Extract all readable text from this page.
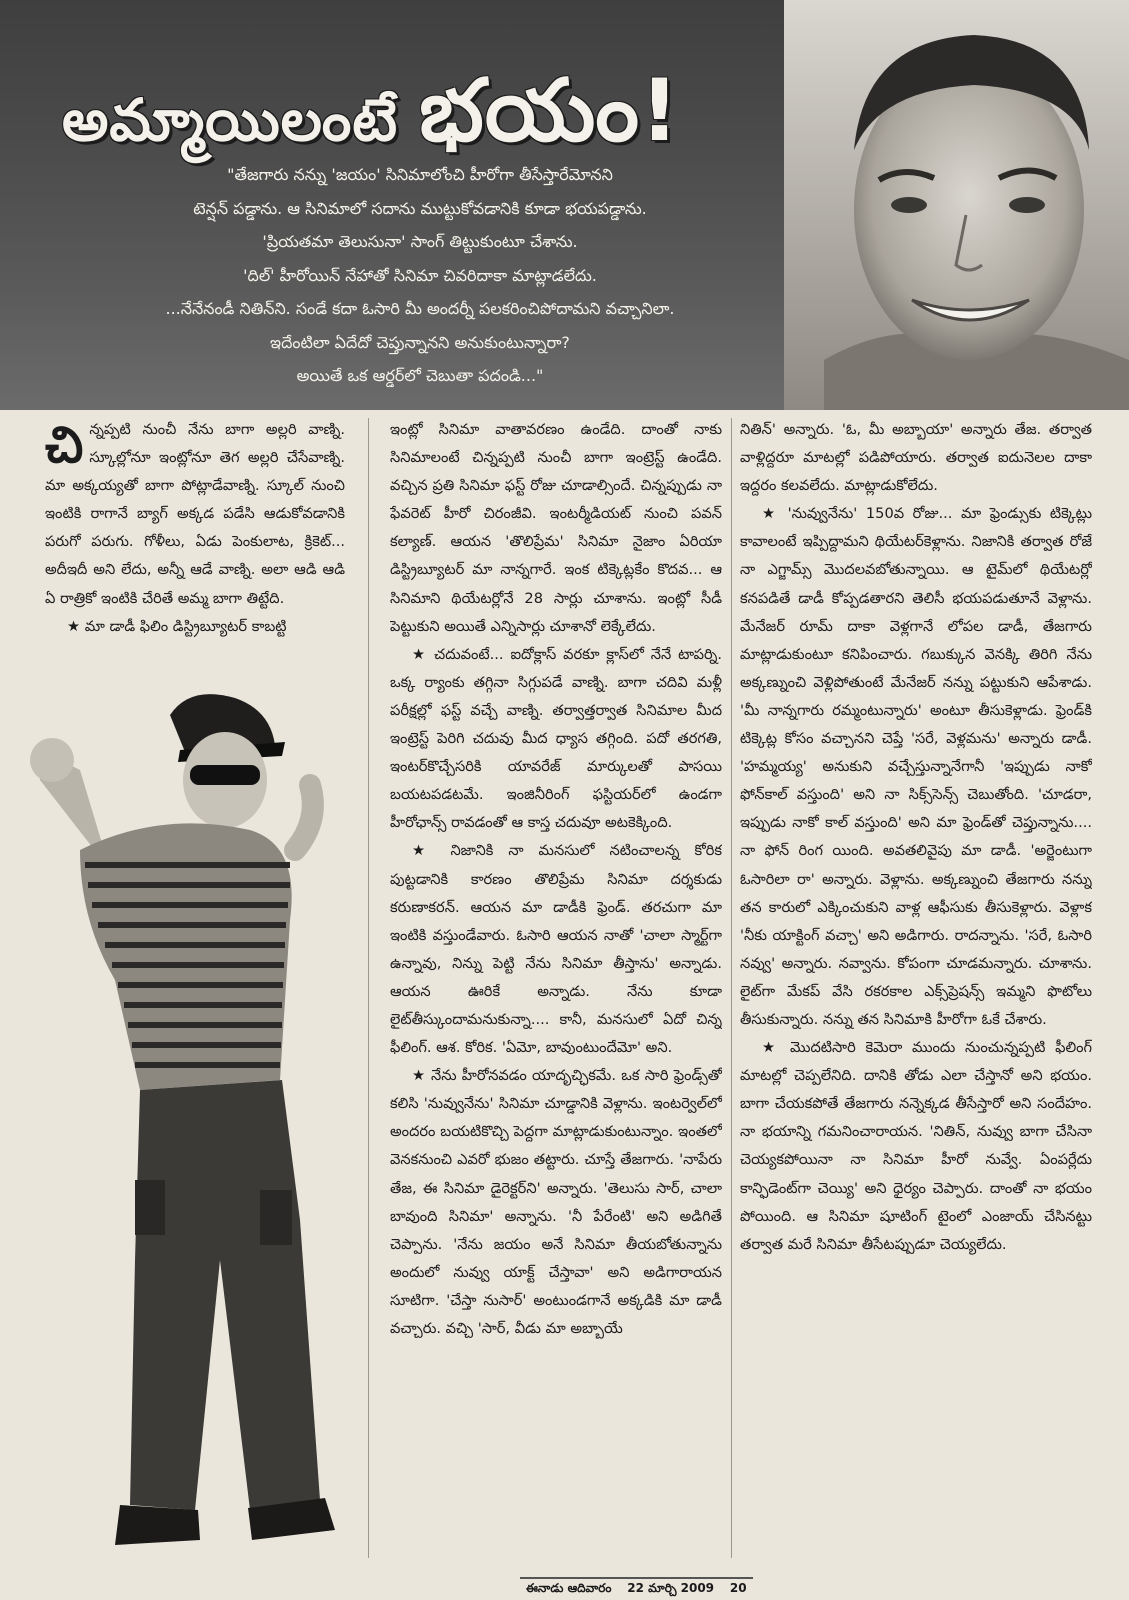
అమ్మాయిలంటే భయం!
"తేజగారు నన్ను 'జయం' సినిమాలోంచి హీరోగా తీసేస్తారేమోనని
టెన్షన్ పడ్డాను. ఆ సినిమాలో సదాను ముట్టుకోవడానికి కూడా భయపడ్డాను.
'ప్రియతమా తెలుసునా' సాంగ్ తిట్టుకుంటూ చేశాను.
'దిల్' హీరోయిన్ నేహాతో సినిమా చివరిదాకా మాట్లాడలేదు.
...నేనేనండీ నితిన్‌ని. సండే కదా ఓసారి మీ అందర్నీ పలకరించిపోదామని వచ్చానిలా.
ఇదేంటిలా ఏదేదో చెప్తున్నానని అనుకుంటున్నారా?
అయితే ఒక ఆర్డర్‌లో చెబుతా పదండి..."

చిన్నప్పటి నుంచీ నేను బాగా అల్లరి వాణ్ని. స్కూల్లోనూ ఇంట్లోనూ తెగ అల్లరి చేసేవాణ్ని. మా అక్కయ్యతో బాగా పోట్లాడేవాణ్ని. స్కూల్ నుంచి ఇంటికి రాగానే బ్యాగ్ అక్కడ పడేసి ఆడుకోవడానికి పరుగో పరుగు. గోళీలు, ఏడు పెంకులాట, క్రికెట్... అదీఇదీ అని లేదు, అన్నీ ఆడే వాణ్ని. అలా ఆడి ఆడి ఏ రాత్రికో ఇంటికి చేరితే అమ్మ బాగా తిట్టేది.

★ మా డాడీ ఫిలిం డిస్ట్రిబ్యూటర్ కాబట్టి

ఇంట్లో సినిమా వాతావరణం ఉండేది. దాంతో నాకు సినిమాలంటే చిన్నప్పటి నుంచీ బాగా ఇంట్రెస్ట్ ఉండేది. వచ్చిన ప్రతి సినిమా ఫస్ట్ రోజు చూడాల్సిందే. చిన్నప్పుడు నా ఫేవరెట్ హీరో చిరంజీవి. ఇంటర్మీడియట్ నుంచి పవన్ కల్యాణ్. ఆయన 'తొలిప్రేమ' సినిమా నైజాం ఏరియా డిస్ట్రిబ్యూటర్ మా నాన్నగారే. ఇంక టిక్కెట్లకేం కొదవ... ఆ సినిమాని థియేటర్లోనే 28 సార్లు చూశాను. ఇంట్లో సీడీ పెట్టుకుని అయితే ఎన్నిసార్లు చూశానో లెక్కేలేదు.

★ చదువంటే... ఐదోక్లాస్ వరకూ క్లాస్‌లో నేనే టాపర్ని. ఒక్క ర్యాంకు తగ్గినా సిగ్గుపడే వాణ్ని. బాగా చదివి మళ్లీ పరీక్షల్లో ఫస్ట్ వచ్చే వాణ్ని. తర్వాత్తర్వాత సినిమాల మీద ఇంట్రెస్ట్ పెరిగి చదువు మీద ధ్యాస తగ్గింది. పదో తరగతి, ఇంటర్‌కొచ్చేసరికి యావరేజ్ మార్కులతో పాసయి బయటపడటమే. ఇంజినీరింగ్ ఫస్టియర్‌లో ఉండగా హీరోఛాన్స్ రావడంతో ఆ కాస్త చదువూ అటకెక్కింది.

★ నిజానికి నా మనసులో నటించాలన్న కోరిక పుట్టడానికి కారణం తొలిప్రేమ సినిమా దర్శకుడు కరుణాకరన్. ఆయన మా డాడీకి ఫ్రెండ్. తరచుగా మా ఇంటికి వస్తుండేవారు. ఓసారి ఆయన నాతో 'చాలా స్మార్ట్‌గా ఉన్నావు, నిన్ను పెట్టి నేను సినిమా తీస్తాను' అన్నాడు. ఆయన ఊరికే అన్నాడు. నేను కూడా లైట్‌తీస్కుందామనుకున్నా.... కానీ, మనసులో ఏదో చిన్న ఫీలింగ్. ఆశ. కోరిక. 'ఏమో, బావుంటుందేమో' అని.

★ నేను హీరోనవడం యాదృచ్ఛికమే. ఒక సారి ఫ్రెండ్స్‌తో కలిసి 'నువ్వునేను' సినిమా చూడ్డానికి వెళ్లాను. ఇంటర్వెల్‌లో అందరం బయటికొచ్చి పెద్దగా మాట్లాడుకుంటున్నాం. ఇంతలో వెనకనుంచి ఎవరో భుజం తట్టారు. చూస్తే తేజగారు. 'నాపేరు తేజ, ఈ సినిమా డైరెక్టర్‌ని' అన్నారు. 'తెలుసు సార్, చాలా బావుంది సినిమా' అన్నాను. 'నీ పేరేంటి' అని అడిగితే చెప్పాను. 'నేను జయం అనే సినిమా తీయబోతున్నాను అందులో నువ్వు యాక్ట్ చేస్తావా' అని అడిగారాయన సూటిగా. 'చేస్తా నుసార్' అంటుండగానే అక్కడికి మా డాడీ వచ్చారు. వచ్చి 'సార్, వీడు మా అబ్బాయే

నితిన్' అన్నారు. 'ఓ, మీ అబ్బాయా' అన్నారు తేజ. తర్వాత వాళ్లిద్దరూ మాటల్లో పడిపోయారు. తర్వాత ఐదునెలల దాకా ఇద్దరం కలవలేదు. మాట్లాడుకోలేదు.

★ 'నువ్వునేను' 150వ రోజు... మా ఫ్రెండ్సుకు టిక్కెట్లు కావాలంటే ఇప్పిద్దామని థియేటర్‌కెళ్లాను. నిజానికి తర్వాత రోజే నా ఎగ్జామ్స్ మొదలవబోతున్నాయి. ఆ టైమ్‌లో థియేటర్లో కనపడితే డాడీ కోప్పడతారని తెలిసీ భయపడుతూనే వెళ్లాను. మేనేజర్ రూమ్ దాకా వెళ్లగానే లోపల డాడీ, తేజగారు మాట్లాడుకుంటూ కనిపించారు. గబుక్కున వెనక్కి తిరిగి నేను అక్కణ్నుంచి వెళ్లిపోతుంటే మేనేజర్ నన్ను పట్టుకుని ఆపేశాడు. 'మీ నాన్నగారు రమ్మంటున్నారు' అంటూ తీసుకెళ్లాడు. ఫ్రెండ్‌కి టిక్కెట్ల కోసం వచ్చానని చెప్తే 'సరే, వెళ్లమను' అన్నారు డాడీ. 'హమ్మయ్య' అనుకుని వచ్చేస్తున్నానేగానీ 'ఇప్పుడు నాకో ఫోన్‌కాల్ వస్తుంది' అని నా సిక్స్‌సెన్స్ చెబుతోంది. 'చూడరా, ఇప్పుడు నాకో కాల్ వస్తుంది' అని మా ఫ్రెండ్‌తో చెప్తున్నాను.... నా ఫోన్ రింగ యింది. అవతలివైపు మా డాడీ. 'అర్జెంటుగా ఓసారిలా రా' అన్నారు. వెళ్లాను. అక్కణ్నుంచి తేజగారు నన్ను తన కారులో ఎక్కించుకుని వాళ్ల ఆఫీసుకు తీసుకెళ్లారు. వెళ్లాక 'నీకు యాక్టింగ్ వచ్చా' అని అడిగారు. రాదన్నాను. 'సరే, ఓసారి నవ్వు' అన్నారు. నవ్వాను. కోపంగా చూడమన్నారు. చూశాను. లైట్‌గా మేకప్ వేసి రకరకాల ఎక్స్‌ప్రెషన్స్ ఇమ్మని ఫొటోలు తీసుకున్నారు. నన్ను తన సినిమాకి హీరోగా ఓకే చేశారు.

★ మొదటిసారి కెమెరా ముందు నుంచున్నప్పటి ఫీలింగ్ మాటల్లో చెప్పలేనిది. దానికి తోడు ఎలా చేస్తానో అని భయం. బాగా చేయకపోతే తేజగారు నన్నెక్కడ తీసేస్తారో అని సందేహం. నా భయాన్ని గమనించారాయన. 'నితిన్, నువ్వు బాగా చేసినా చెయ్యకపోయినా నా సినిమా హీరో నువ్వే. ఏంపర్లేదు కాన్ఫిడెంట్‌గా చెయ్యి' అని ధైర్యం చెప్పారు. దాంతో నా భయం పోయింది. ఆ సినిమా షూటింగ్ టైంలో ఎంజాయ్ చేసినట్టు తర్వాత మరే సినిమా తీసేటప్పుడూ చెయ్యలేదు.

ఈనాడు ఆదివారం 22 మార్చి 2009 20
